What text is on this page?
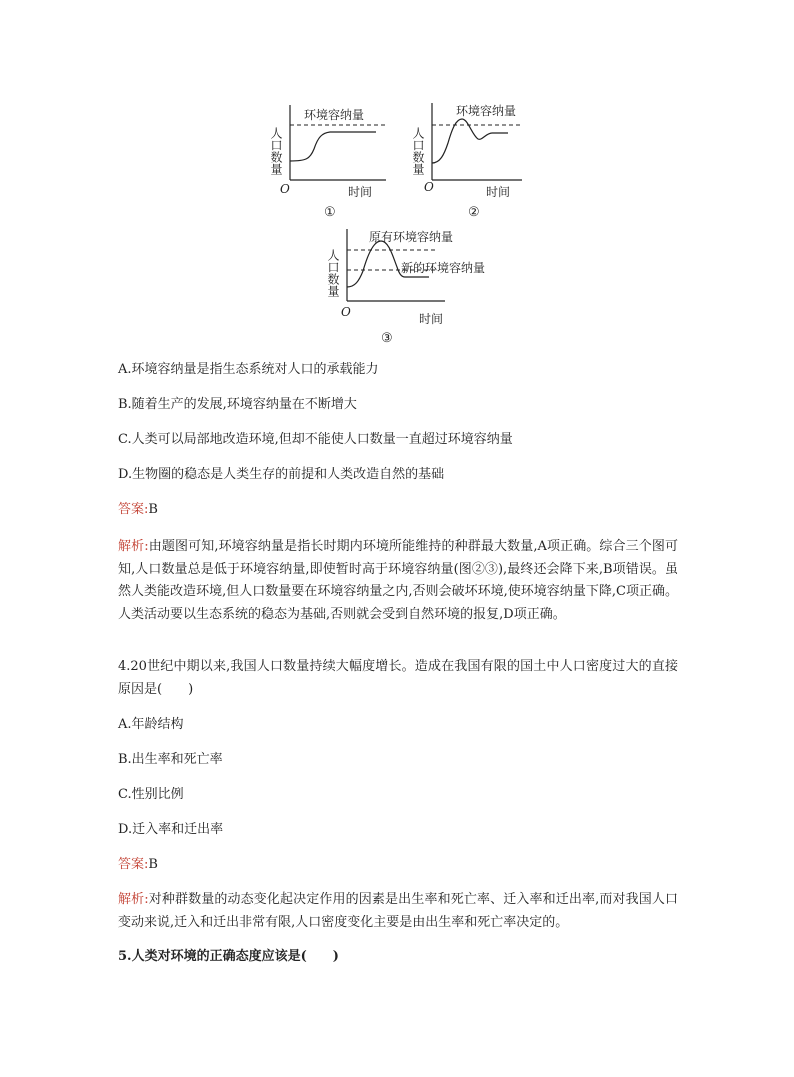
人口数量
环境容纳量
O	时间
①
人口数量
环境容纳量
O	时间
②
人口数量
原有环境容纳量
新的环境容纳量
O	时间
③
A.环境容纳量是指生态系统对人口的承载能力
B.随着生产的发展,环境容纳量在不断增大
C.人类可以局部地改造环境,但却不能使人口数量一直超过环境容纳量
D.生物圈的稳态是人类生存的前提和人类改造自然的基础
答案:B
解析:由题图可知,环境容纳量是指长时期内环境所能维持的种群最大数量,A项正确。综合三个图可知,人口数量总是低于环境容纳量,即使暂时高于环境容纳量(图②③),最终还会降下来,B项错误。虽然人类能改造环境,但人口数量要在环境容纳量之内,否则会破坏环境,使环境容纳量下降,C项正确。人类活动要以生态系统的稳态为基础,否则就会受到自然环境的报复,D项正确。
4.20世纪中期以来,我国人口数量持续大幅度增长。造成在我国有限的国土中人口密度过大的直接原因是(　　)
A.年龄结构
B.出生率和死亡率
C.性别比例
D.迁入率和迁出率
答案:B
解析:对种群数量的动态变化起决定作用的因素是出生率和死亡率、迁入率和迁出率,而对我国人口变动来说,迁入和迁出非常有限,人口密度变化主要是由出生率和死亡率决定的。
5.人类对环境的正确态度应该是(　　)
